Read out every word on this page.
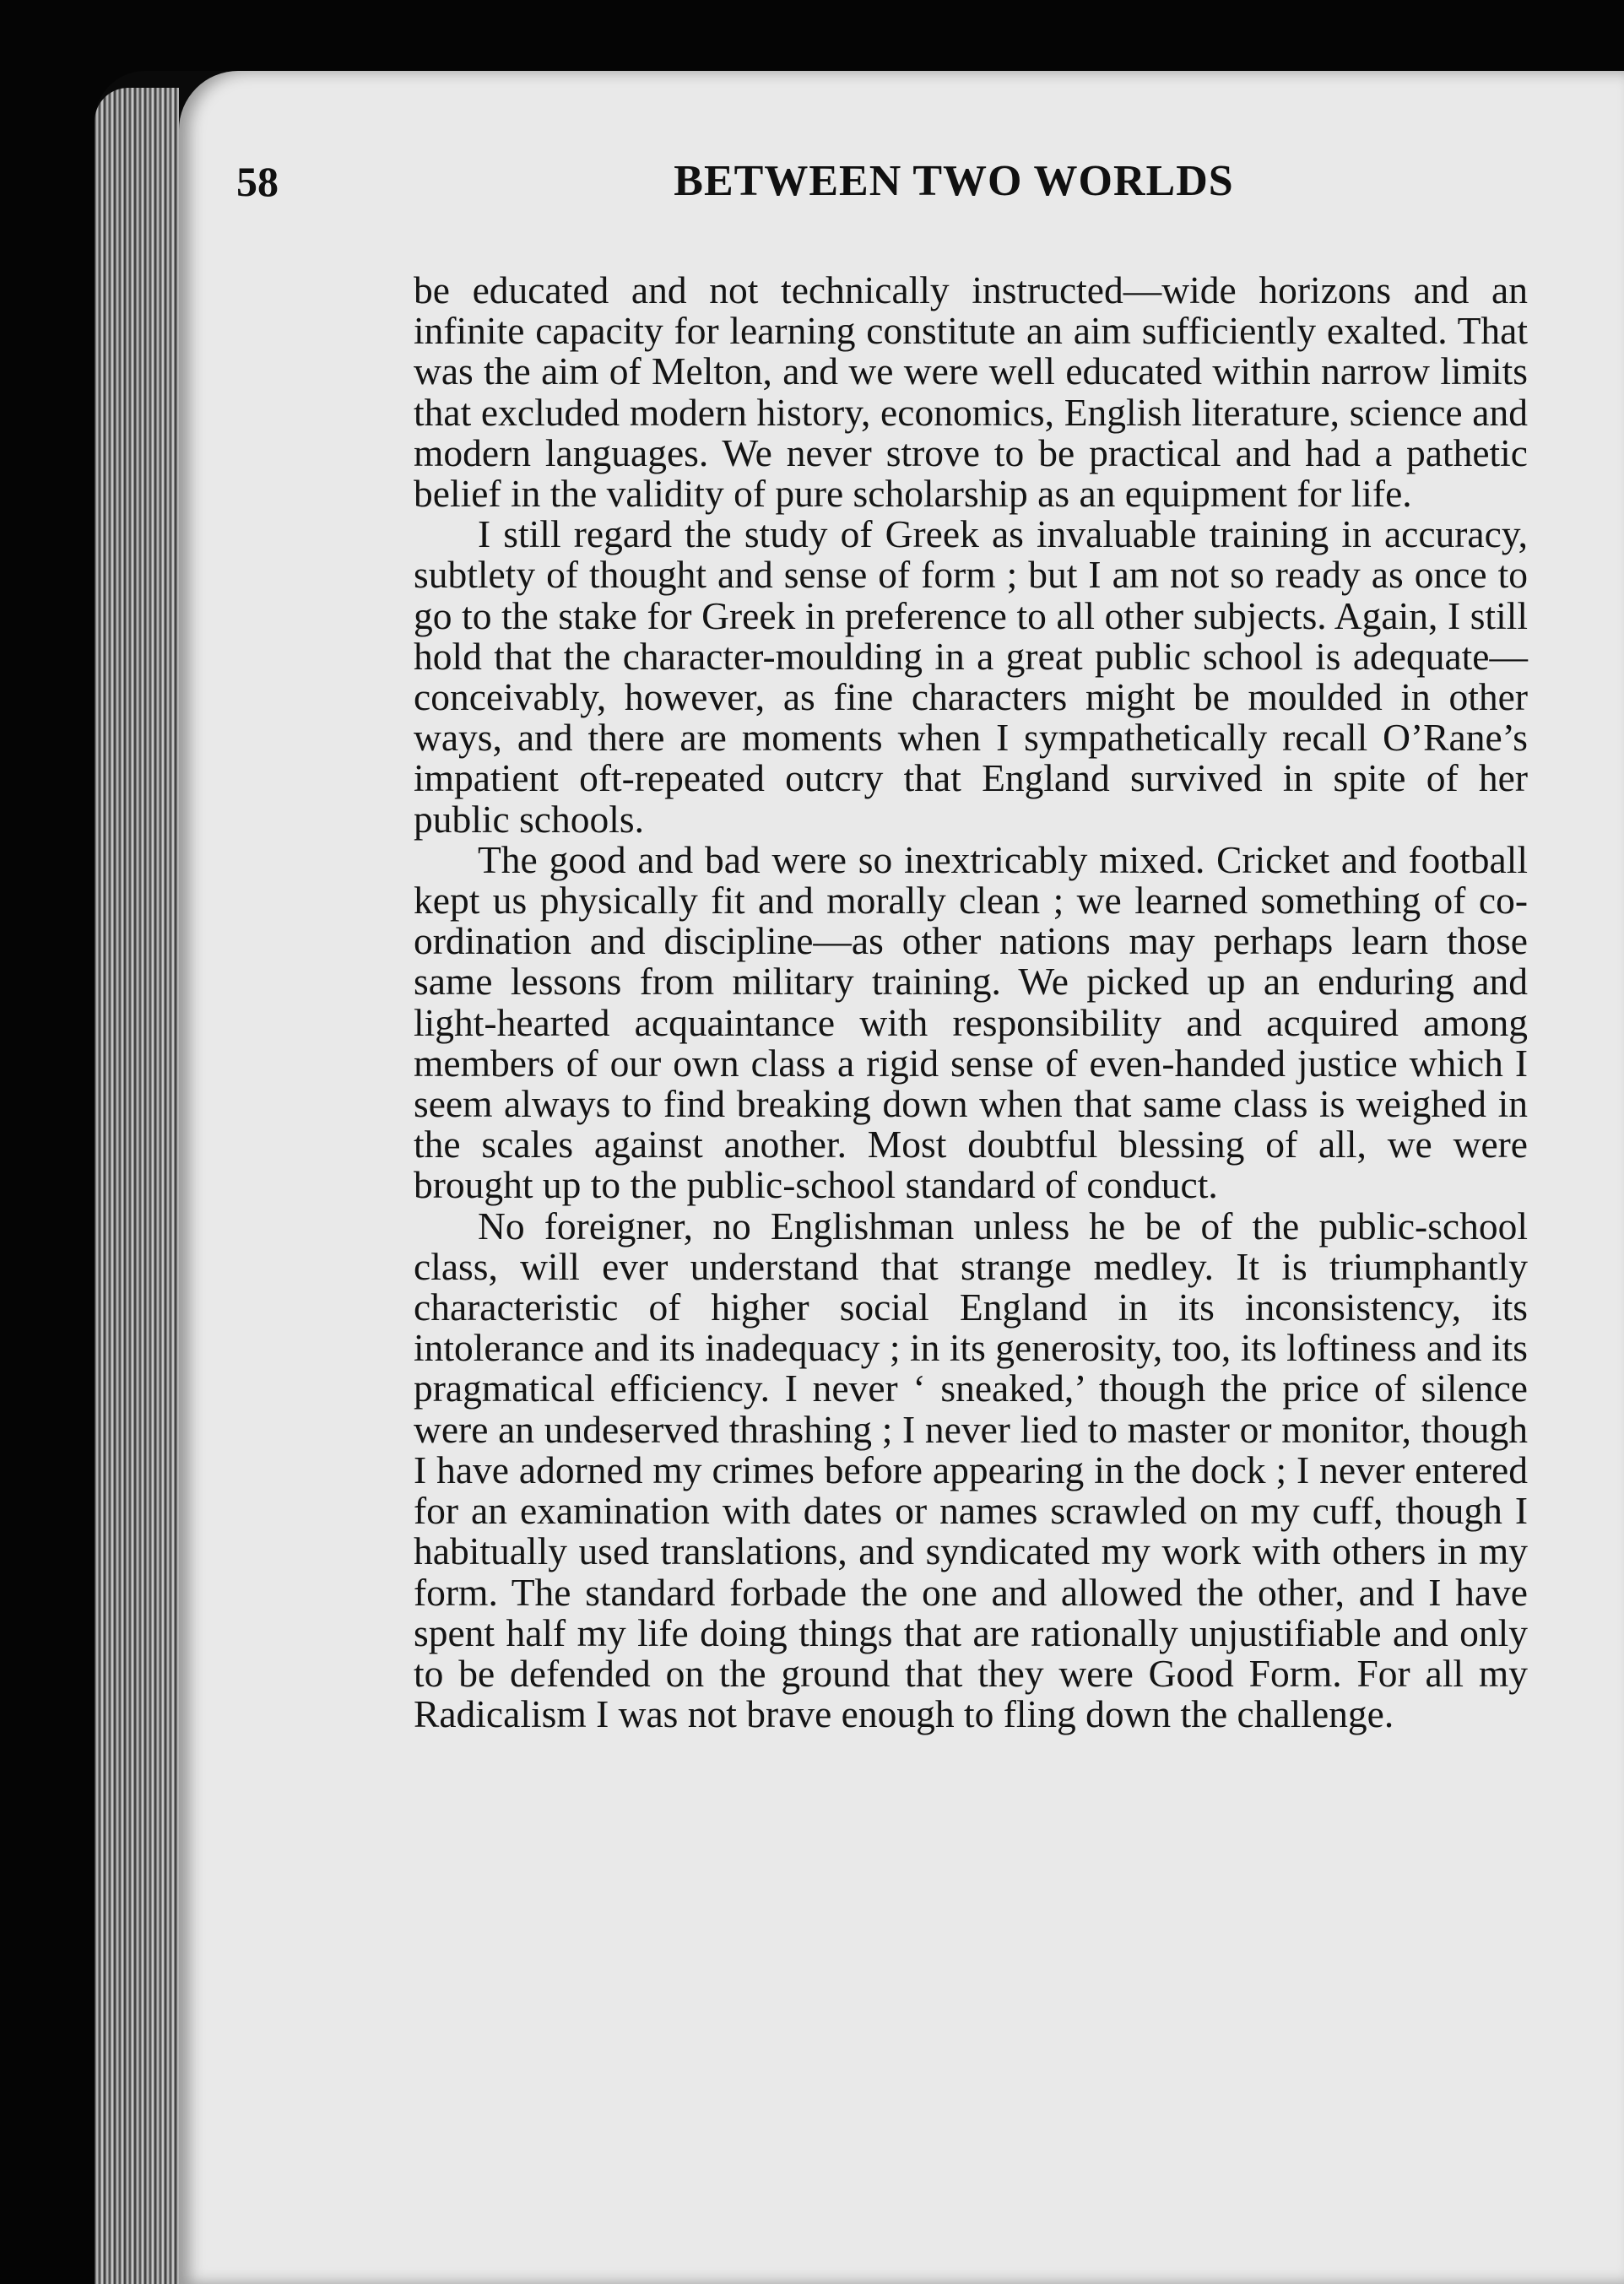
58	BETWEEN TWO WORLDS

be educated and not technically instructed—wide horizons and an infinite capacity for learning constitute an aim sufficiently exalted. That was the aim of Melton, and we were well educated within narrow limits that excluded modern history, economics, English literature, science and modern languages. We never strove to be practical and had a pathetic belief in the validity of pure scholarship as an equipment for life.

I still regard the study of Greek as invaluable training in accuracy, subtlety of thought and sense of form ; but I am not so ready as once to go to the stake for Greek in preference to all other subjects. Again, I still hold that the character-moulding in a great public school is adequate—conceivably, however, as fine characters might be moulded in other ways, and there are moments when I sympathetically recall O’Rane’s impatient oft-repeated outcry that England survived in spite of her public schools.

The good and bad were so inextricably mixed. Cricket and football kept us physically fit and morally clean ; we learned something of co-ordination and discipline—as other nations may perhaps learn those same lessons from military training. We picked up an enduring and light-hearted acquaintance with responsibility and acquired among members of our own class a rigid sense of even-handed justice which I seem always to find breaking down when that same class is weighed in the scales against another. Most doubtful blessing of all, we were brought up to the public-school standard of conduct.

No foreigner, no Englishman unless he be of the public-school class, will ever understand that strange medley. It is triumphantly characteristic of higher social England in its inconsistency, its intolerance and its inadequacy ; in its generosity, too, its loftiness and its pragmatical efficiency. I never ‘ sneaked,’ though the price of silence were an undeserved thrashing ; I never lied to master or monitor, though I have adorned my crimes before appearing in the dock ; I never entered for an examination with dates or names scrawled on my cuff, though I habitually used translations, and syndicated my work with others in my form. The standard forbade the one and allowed the other, and I have spent half my life doing things that are rationally unjustifiable and only to be defended on the ground that they were Good Form. For all my Radicalism I was not brave enough to fling down the challenge.
